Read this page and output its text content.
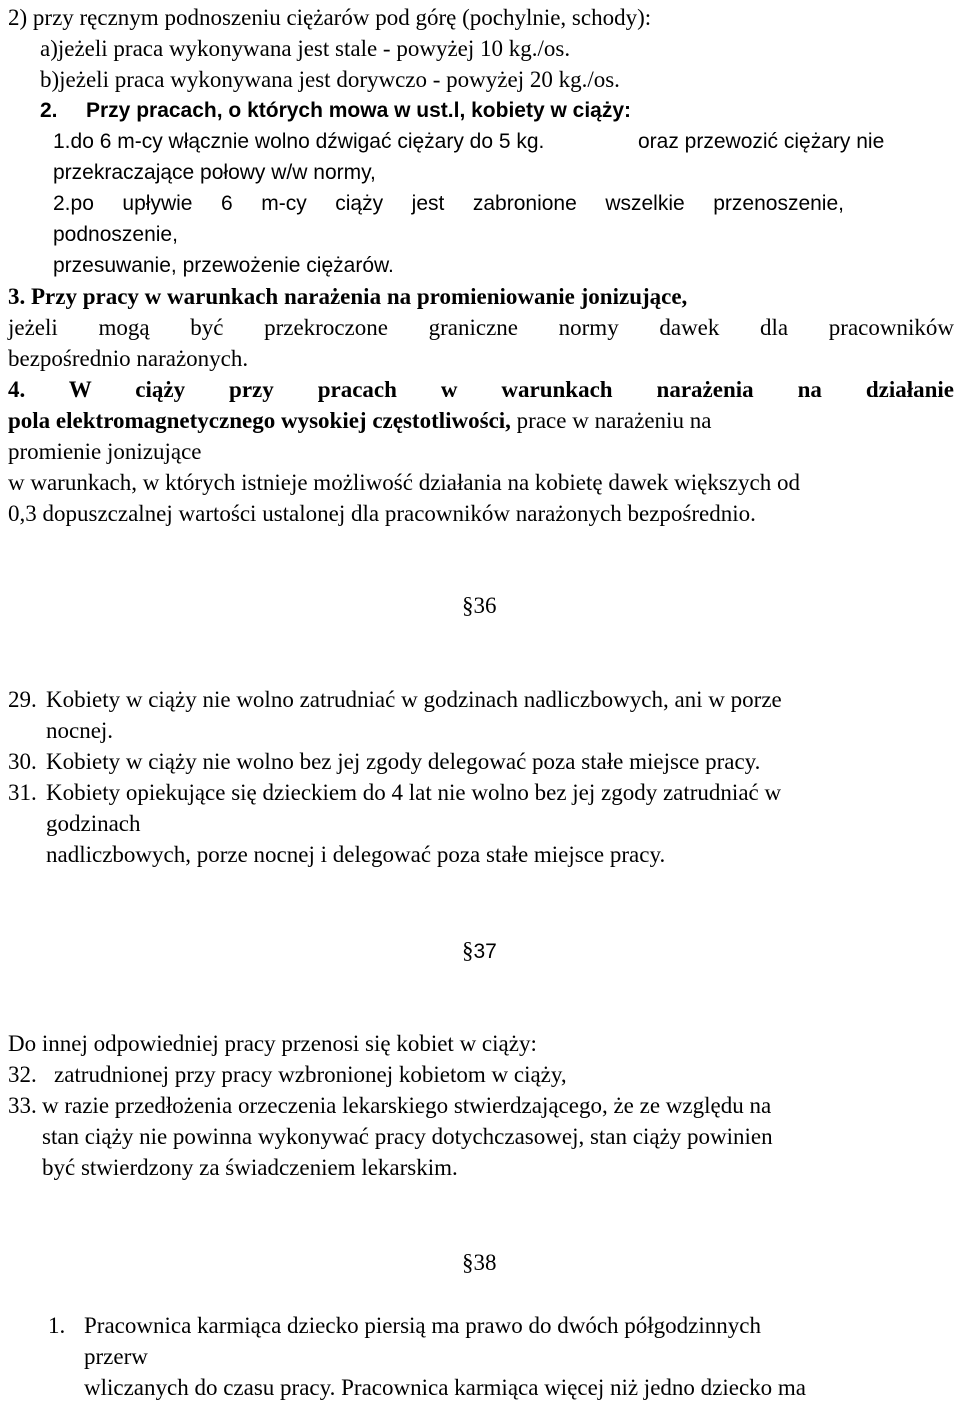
2) przy ręcznym podnoszeniu ciężarów pod górę (pochylnie, schody):
a)jeżeli praca wykonywana jest stale - powyżej 10 kg./os.
b)jeżeli praca wykonywana jest dorywczo - powyżej 20 kg./os.
2. Przy pracach, o których mowa w ust.l, kobiety w ciąży:
1.do 6 m-cy włącznie wolno dźwigać ciężary do 5 kg.	oraz przewozić ciężary nie
przekraczające połowy w/w normy,
2.po upływie 6 m-cy ciąży jest zabronione wszelkie przenoszenie,
podnoszenie,
przesuwanie, przewożenie ciężarów.
3. Przy pracy w warunkach narażenia na promieniowanie jonizujące,
jeżeli mogą być przekroczone graniczne normy dawek dla pracowników
bezpośrednio narażonych.
4. W ciąży przy pracach w warunkach narażenia na działanie
pola elektromagnetycznego wysokiej częstotliwości, prace w narażeniu na
promienie jonizujące
w warunkach, w których istnieje możliwość działania na kobietę dawek większych od
0,3 dopuszczalnej wartości ustalonej dla pracowników narażonych bezpośrednio.
§36
29. Kobiety w ciąży nie wolno zatrudniać w godzinach nadliczbowych, ani w porze
nocnej.
30. Kobiety w ciąży nie wolno bez jej zgody delegować poza stałe miejsce pracy.
31. Kobiety opiekujące się dzieckiem do 4 lat nie wolno bez jej zgody zatrudniać w
godzinach
nadliczbowych, porze nocnej i delegować poza stałe miejsce pracy.
§37
Do innej odpowiedniej pracy przenosi się kobiet w ciąży:
32. zatrudnionej przy pracy wzbronionej kobietom w ciąży,
33. w razie przedłożenia orzeczenia lekarskiego stwierdzającego, że ze względu na
stan ciąży nie powinna wykonywać pracy dotychczasowej, stan ciąży powinien
być stwierdzony za świadczeniem lekarskim.
§38
1. Pracownica karmiąca dziecko piersią ma prawo do dwóch półgodzinnych
przerw
wliczanych do czasu pracy. Pracownica karmiąca więcej niż jedno dziecko ma
